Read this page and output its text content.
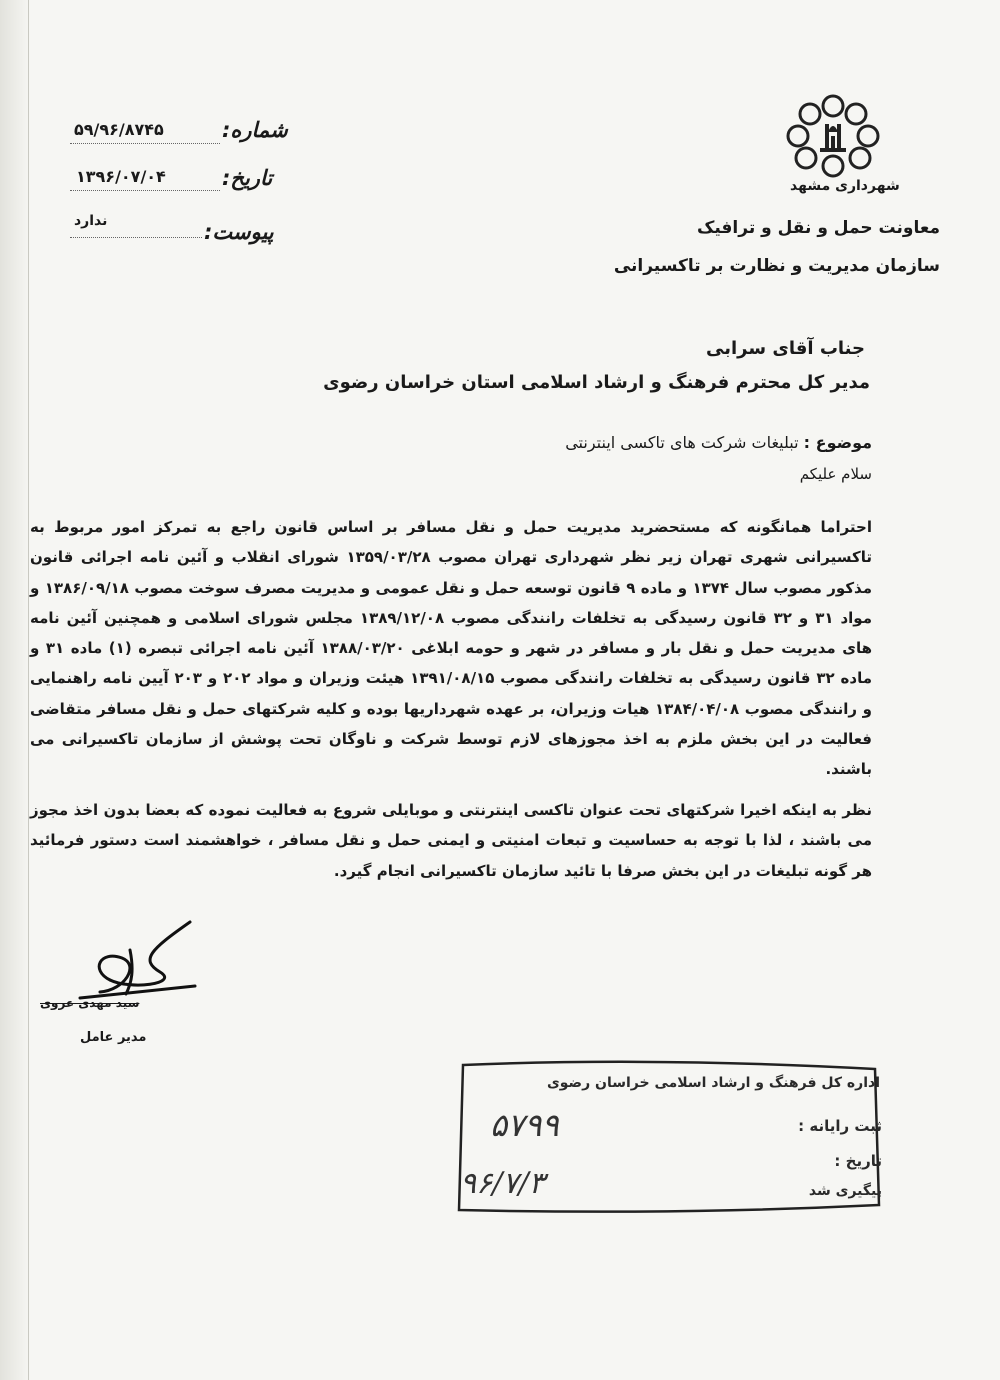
شهرداری مشهد
معاونت حمل و نقل و ترافیک
سازمان مدیریت و نظارت بر تاکسیرانی
شماره:
۵۹/۹۶/۸۷۴۵
تاریخ:
۱۳۹۶/۰۷/۰۴
پیوست:
ندارد
جناب آقای سرابی
مدیر کل محترم فرهنگ و ارشاد اسلامی استان خراسان رضوی
موضوع : تبلیغات شرکت های تاکسی اینترنتی
سلام علیکم
احتراما همانگونه که مستحضرید مدیریت حمل و نقل مسافر بر اساس قانون راجع به تمرکز امور مربوط به تاکسیرانی شهری تهران زیر نظر شهرداری تهران مصوب ۱۳۵۹/۰۳/۲۸ شورای انقلاب و آئین نامه اجرائی قانون مذکور مصوب سال ۱۳۷۴ و ماده ۹ قانون توسعه حمل و نقل عمومی و مدیریت مصرف سوخت مصوب ۱۳۸۶/۰۹/۱۸ و مواد ۳۱ و ۳۲ قانون رسیدگی به تخلفات رانندگی مصوب ۱۳۸۹/۱۲/۰۸ مجلس شورای اسلامی و همچنین آئین نامه های مدیریت حمل و نقل بار و مسافر در شهر و حومه ابلاغی ۱۳۸۸/۰۳/۲۰ آئین نامه اجرائی تبصره (۱) ماده ۳۱ و ماده ۳۲ قانون رسیدگی به تخلفات رانندگی مصوب ۱۳۹۱/۰۸/۱۵ هیئت وزیران و مواد ۲۰۲ و ۲۰۳ آیین نامه راهنمایی و رانندگی مصوب ۱۳۸۴/۰۴/۰۸ هیات وزیران، بر عهده شهرداریها بوده و کلیه شرکتهای حمل و نقل مسافر متقاضی فعالیت در این بخش ملزم به اخذ مجوزهای لازم توسط شرکت و ناوگان تحت پوشش از سازمان تاکسیرانی می باشند.
نظر به اینکه اخیرا شرکتهای تحت عنوان تاکسی اینترنتی و موبایلی شروع به فعالیت نموده که بعضا بدون اخذ مجوز می باشند ، لذا با توجه به حساسیت و تبعات امنیتی و ایمنی حمل و نقل مسافر ، خواهشمند است دستور فرمائید هر گونه تبلیغات در این بخش صرفا با تائید سازمان تاکسیرانی انجام گیرد.
سید مهدی عروی
مدیر عامل
اداره کل فرهنگ و ارشاد اسلامی خراسان رضوی
ثبت رایانه :
تاریخ :
پیگیری شد
۵۷۹۹
۹۶/۷/۳
